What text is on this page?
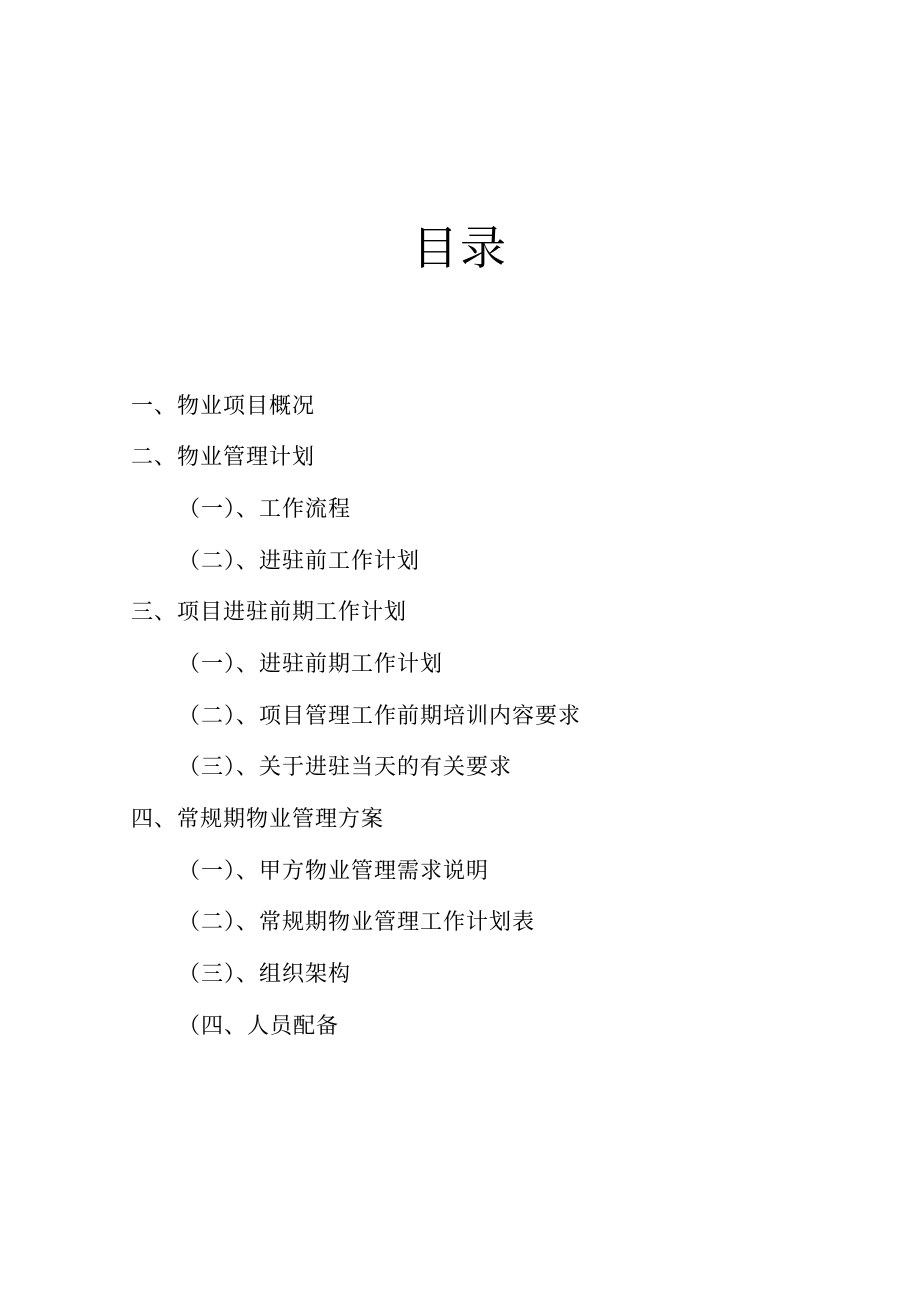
目录
一、物业项目概况
二、物业管理计划
（一）、工作流程
（二）、进驻前工作计划
三、项目进驻前期工作计划
（一）、进驻前期工作计划
（二）、项目管理工作前期培训内容要求
（三）、关于进驻当天的有关要求
四、常规期物业管理方案
（一）、甲方物业管理需求说明
（二）、常规期物业管理工作计划表
（三）、组织架构
（四、人员配备
